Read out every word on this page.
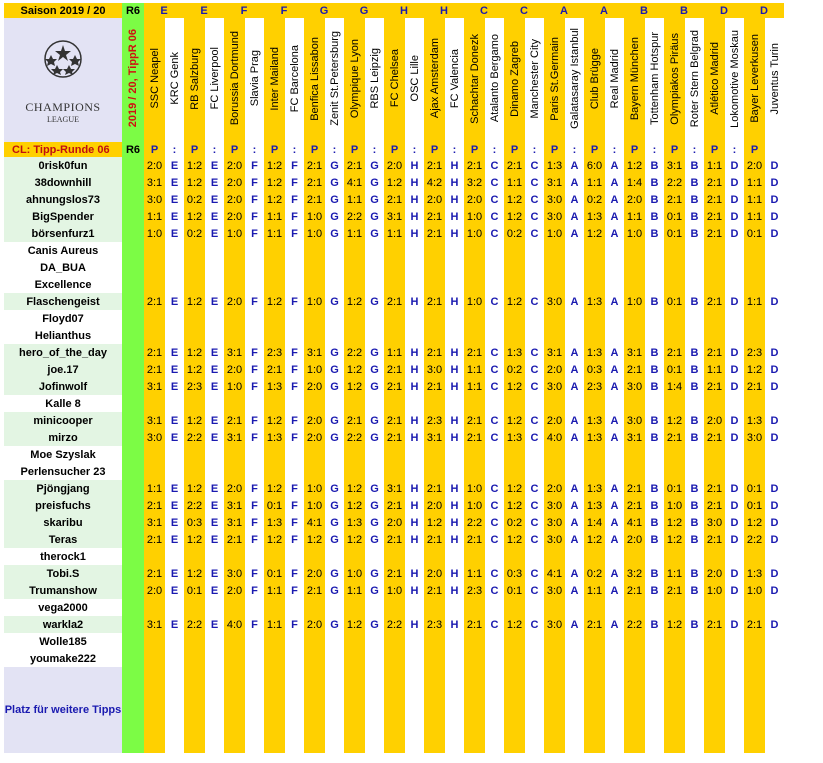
Saison 2019 / 20	R6	E		E		F		F		G		G		H		H		C		C		A		A		B		B		D		D	

CHAMPIONS
LEAGUE	2019 / 20, TippR 06	SSC Neapel	KRC Genk	RB Salzburg	FC Liverpool	Borussia Dortmund	Slavia Prag	Inter Mailand	FC Barcelona	Benfica Lissabon	Zenit St.Petersburg	Olympique Lyon	RBS Leipzig	FC Chelsea	OSC Lille	Ajax Amsterdam	FC Valencia	Schachtar Donezk	Atalanto Bergamo	Dinamo Zagreb	Manchester City	Paris St.Germain	Galatasaray Istanbul	Club Brügge	Real Madrid	Bayern München	Tottenham Hotspur	Olympiakos Piräus	Roter Stern Belgrad	Atlético Madrid	Lokomotive Moskau	Bayer Leverkusen	Juventus Turin
CL: Tipp-Runde 06	R6	P	:	P	:	P	:	P	:	P	:	P	:	P	:	P	:	P	:	P	:	P	:	P	:	P	:	P	:	P	:	P	
0risk0fun		2:0	E	1:2	E	2:0	F	1:2	F	2:1	G	2:1	G	2:0	H	2:1	H	2:1	C	2:1	C	1:3	A	6:0	A	1:2	B	3:1	B	1:1	D	2:0	D
38downhill		3:1	E	1:2	E	2:0	F	1:2	F	2:1	G	4:1	G	1:2	H	4:2	H	3:2	C	1:1	C	3:1	A	1:1	A	1:4	B	2:2	B	2:1	D	1:1	D
ahnungslos73		3:0	E	0:2	E	2:0	F	1:2	F	2:1	G	1:1	G	2:1	H	2:0	H	2:0	C	1:2	C	3:0	A	0:2	A	2:0	B	2:1	B	2:1	D	1:1	D
BigSpender		1:1	E	1:2	E	2:0	F	1:1	F	1:0	G	2:2	G	3:1	H	2:1	H	1:0	C	1:2	C	3:0	A	1:3	A	1:1	B	0:1	B	2:1	D	1:1	D
börsenfurz1		1:0	E	0:2	E	1:0	F	1:1	F	1:0	G	1:1	G	1:1	H	2:1	H	1:0	C	0:2	C	1:0	A	1:2	A	1:0	B	0:1	B	2:1	D	0:1	D
Canis Aureus																																	
DA_BUA																																	
Excellence																																	
Flaschengeist		2:1	E	1:2	E	2:0	F	1:2	F	1:0	G	1:2	G	2:1	H	2:1	H	1:0	C	1:2	C	3:0	A	1:3	A	1:0	B	0:1	B	2:1	D	1:1	D
Floyd07																																	
Helianthus																																	
hero_of_the_day		2:1	E	1:2	E	3:1	F	2:3	F	3:1	G	2:2	G	1:1	H	2:1	H	2:1	C	1:3	C	3:1	A	1:3	A	3:1	B	2:1	B	2:1	D	2:3	D
joe.17		2:1	E	1:2	E	2:0	F	2:1	F	1:0	G	1:2	G	2:1	H	3:0	H	1:1	C	0:2	C	2:0	A	0:3	A	2:1	B	0:1	B	1:1	D	1:2	D
Jofinwolf		3:1	E	2:3	E	1:0	F	1:3	F	2:0	G	1:2	G	2:1	H	2:1	H	1:1	C	1:2	C	3:0	A	2:3	A	3:0	B	1:4	B	2:1	D	2:1	D
Kalle 8																																	
minicooper		3:1	E	1:2	E	2:1	F	1:2	F	2:0	G	2:1	G	2:1	H	2:3	H	2:1	C	1:2	C	2:0	A	1:3	A	3:0	B	1:2	B	2:0	D	1:3	D
mirzo		3:0	E	2:2	E	3:1	F	1:3	F	2:0	G	2:2	G	2:1	H	3:1	H	2:1	C	1:3	C	4:0	A	1:3	A	3:1	B	2:1	B	2:1	D	3:0	D
Moe Szyslak																																	
Perlensucher 23																																	
Pjöngjang		1:1	E	1:2	E	2:0	F	1:2	F	1:0	G	1:2	G	3:1	H	2:1	H	1:0	C	1:2	C	2:0	A	1:3	A	2:1	B	0:1	B	2:1	D	0:1	D
preisfuchs		2:1	E	2:2	E	3:1	F	0:1	F	1:0	G	1:2	G	2:1	H	2:0	H	1:0	C	1:2	C	3:0	A	1:3	A	2:1	B	1:0	B	2:1	D	0:1	D
skaribu		3:1	E	0:3	E	3:1	F	1:3	F	4:1	G	1:3	G	2:0	H	1:2	H	2:2	C	0:2	C	3:0	A	1:4	A	4:1	B	1:2	B	3:0	D	1:2	D
Teras		2:1	E	1:2	E	2:1	F	1:2	F	1:2	G	1:2	G	2:1	H	2:1	H	2:1	C	1:2	C	3:0	A	1:2	A	2:0	B	1:2	B	2:1	D	2:2	D
therock1																																	
Tobi.S		2:1	E	1:2	E	3:0	F	0:1	F	2:0	G	1:0	G	2:1	H	2:0	H	1:1	C	0:3	C	4:1	A	0:2	A	3:2	B	1:1	B	2:0	D	1:3	D
Trumanshow		2:0	E	0:1	E	2:0	F	1:1	F	2:1	G	1:1	G	1:0	H	2:1	H	2:3	C	0:1	C	3:0	A	1:1	A	2:1	B	2:1	B	1:0	D	1:0	D
vega2000																																	
warkla2		3:1	E	2:2	E	4:0	F	1:1	F	2:0	G	1:2	G	2:2	H	2:3	H	2:1	C	1:2	C	3:0	A	2:1	A	2:2	B	1:2	B	2:1	D	2:1	D
Wolle185																																	
youmake222																																	
Platz für weitere Tipps																																	
